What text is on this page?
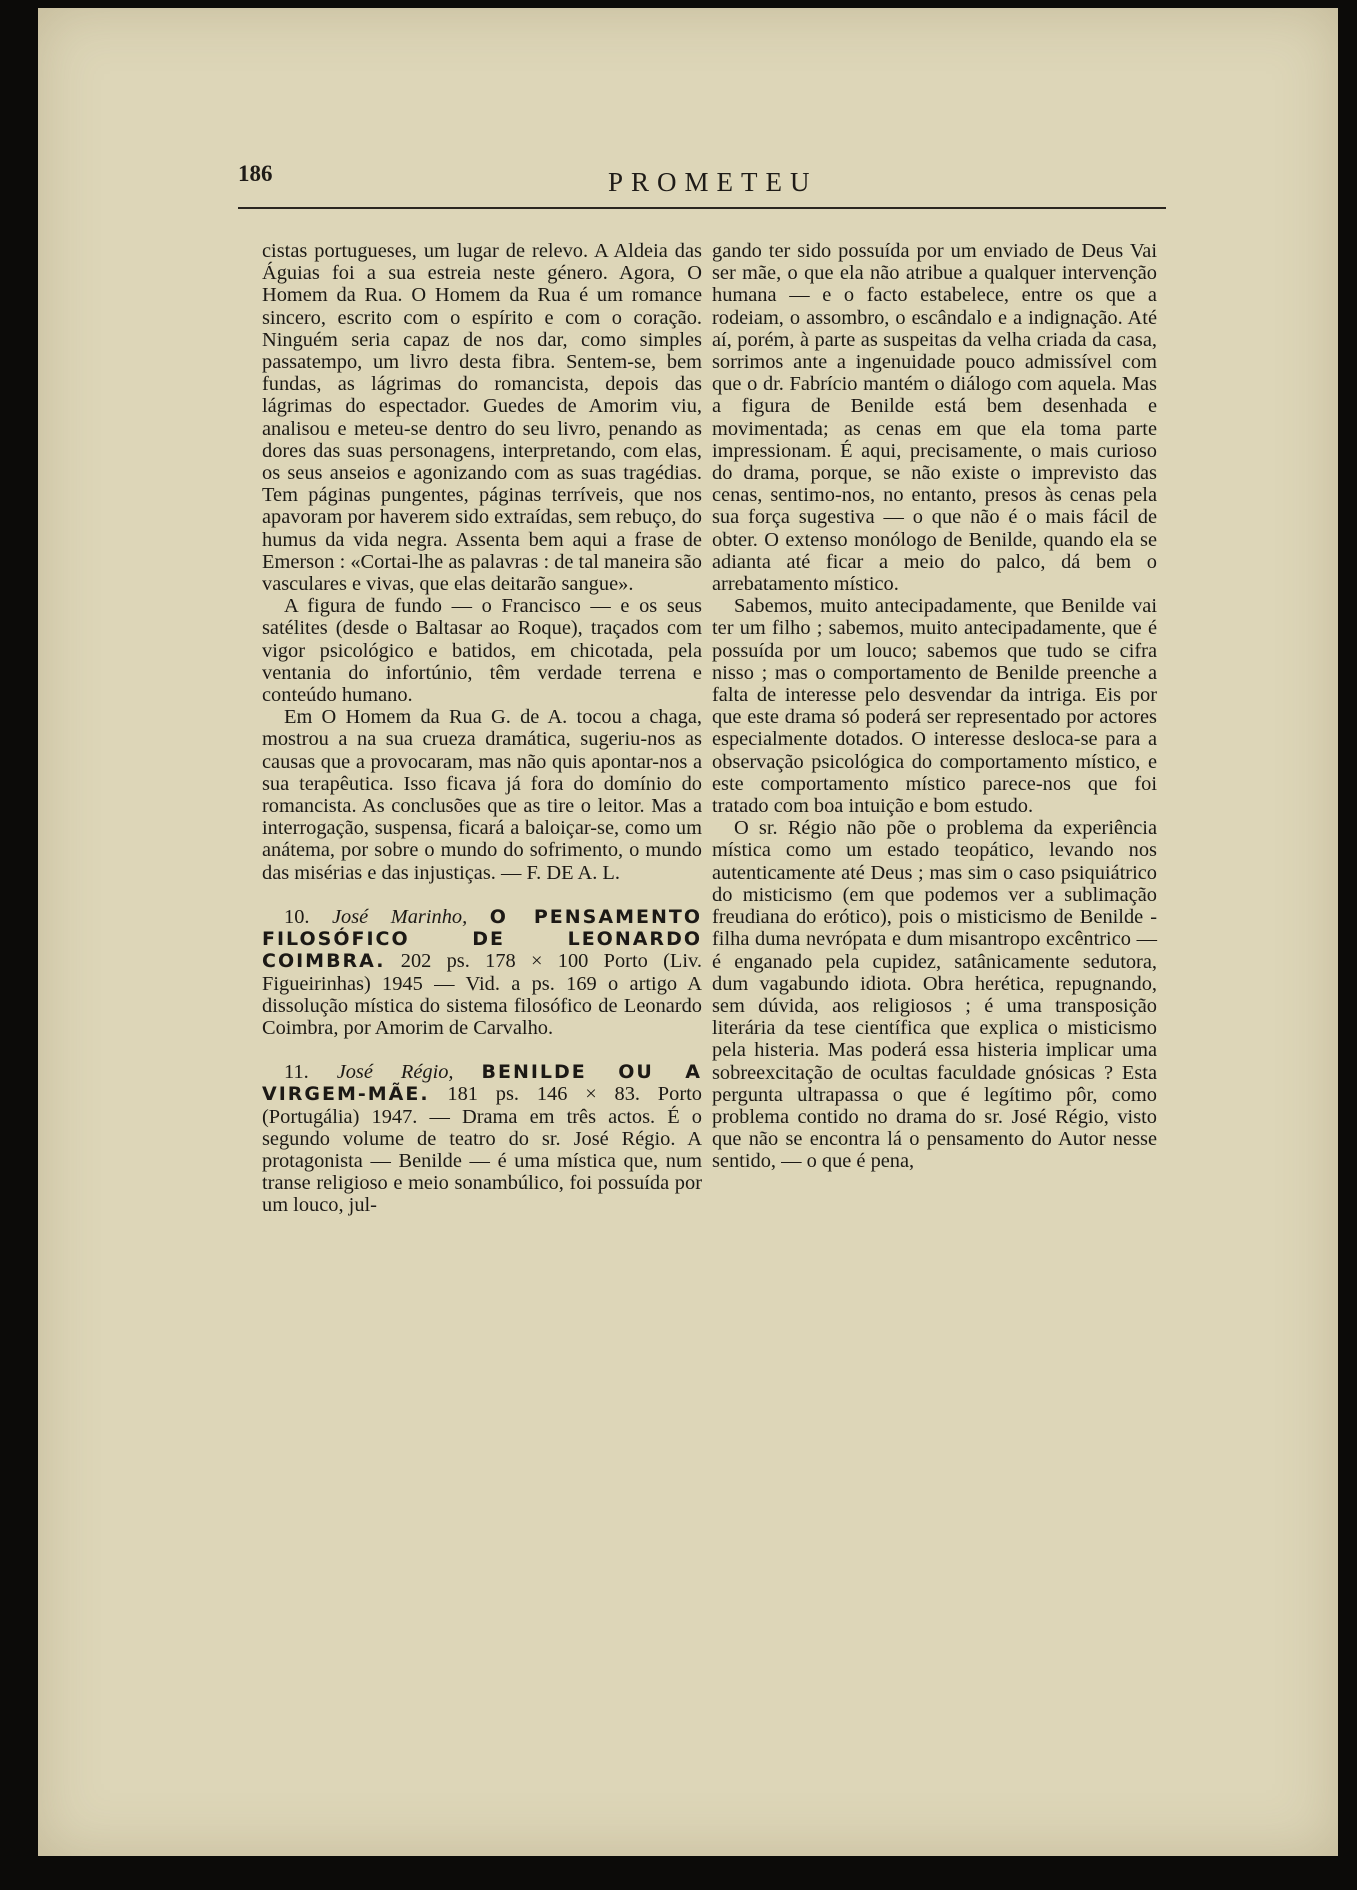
186	PROMETEU

cistas portugueses, um lugar de relevo. A Aldeia das Águias foi a sua estreia neste género. Agora, O Homem da Rua. O Homem da Rua é um romance sincero, escrito com o espírito e com o coração. Ninguém seria capaz de nos dar, como simples passatempo, um livro desta fibra. Sentem-se, bem fundas, as lágrimas do romancista, depois das lágrimas do espectador. Guedes de Amorim viu, analisou e meteu-se dentro do seu livro, penando as dores das suas personagens, interpretando, com elas, os seus anseios e agonizando com as suas tragédias. Tem páginas pungentes, páginas terríveis, que nos apavoram por haverem sido extraídas, sem rebuço, do humus da vida negra. Assenta bem aqui a frase de Emerson : «Cortai-lhe as palavras : de tal maneira são vasculares e vivas, que elas deitarão sangue».

A figura de fundo — o Francisco — e os seus satélites (desde o Baltasar ao Roque), traçados com vigor psicológico e batidos, em chicotada, pela ventania do infortúnio, têm verdade terrena e conteúdo humano.

Em O Homem da Rua G. de A. tocou a chaga, mostrou a na sua crueza dramática, sugeriu-nos as causas que a provocaram, mas não quis apontar-nos a sua terapêutica. Isso ficava já fora do domínio do romancista. As conclusões que as tire o leitor. Mas a interrogação, suspensa, ficará a baloiçar-se, como um anátema, por sobre o mundo do sofrimento, o mundo das misérias e das injustiças. — F. DE A. L.

10. José Marinho, O PENSAMENTO FILOSÓFICO DE LEONARDO COIMBRA. 202 ps. 178 × 100 Porto (Liv. Figueirinhas) 1945 — Vid. a ps. 169 o artigo A dissolução mística do sistema filosófico de Leonardo Coimbra, por Amorim de Carvalho.

11. José Régio, BENILDE OU A VIRGEM-MÃE. 181 ps. 146 × 83. Porto (Portugália) 1947. — Drama em três actos. É o segundo volume de teatro do sr. José Régio. A protagonista — Benilde — é uma mística que, num transe religioso e meio sonambúlico, foi possuída por um louco, jul-

gando ter sido possuída por um enviado de Deus Vai ser mãe, o que ela não atribue a qualquer intervenção humana — e o facto estabelece, entre os que a rodeiam, o assombro, o escândalo e a indignação. Até aí, porém, à parte as suspeitas da velha criada da casa, sorrimos ante a ingenuidade pouco admissível com que o dr. Fabrício mantém o diálogo com aquela. Mas a figura de Benilde está bem desenhada e movimentada; as cenas em que ela toma parte impressionam. É aqui, precisamente, o mais curioso do drama, porque, se não existe o imprevisto das cenas, sentimo-nos, no entanto, presos às cenas pela sua força sugestiva — o que não é o mais fácil de obter. O extenso monólogo de Benilde, quando ela se adianta até ficar a meio do palco, dá bem o arrebatamento místico.

Sabemos, muito antecipadamente, que Benilde vai ter um filho ; sabemos, muito antecipadamente, que é possuída por um louco; sabemos que tudo se cifra nisso ; mas o comportamento de Benilde preenche a falta de interesse pelo desvendar da intriga. Eis por que este drama só poderá ser representado por actores especialmente dotados. O interesse desloca-se para a observação psicológica do comportamento místico, e este comportamento místico parece-nos que foi tratado com boa intuição e bom estudo.

O sr. Régio não põe o problema da experiência mística como um estado teopático, levando nos autenticamente até Deus ; mas sim o caso psiquiátrico do misticismo (em que podemos ver a sublimação freudiana do erótico), pois o misticismo de Benilde - filha duma nevrópata e dum misantropo excêntrico — é enganado pela cupidez, satânicamente sedutora, dum vagabundo idiota. Obra herética, repugnando, sem dúvida, aos religiosos ; é uma transposição literária da tese científica que explica o misticismo pela histeria. Mas poderá essa histeria implicar uma sobreexcitação de ocultas faculdade gnósicas ? Esta pergunta ultrapassa o que é legítimo pôr, como problema contido no drama do sr. José Régio, visto que não se encontra lá o pensamento do Autor nesse sentido, — o que é pena,
